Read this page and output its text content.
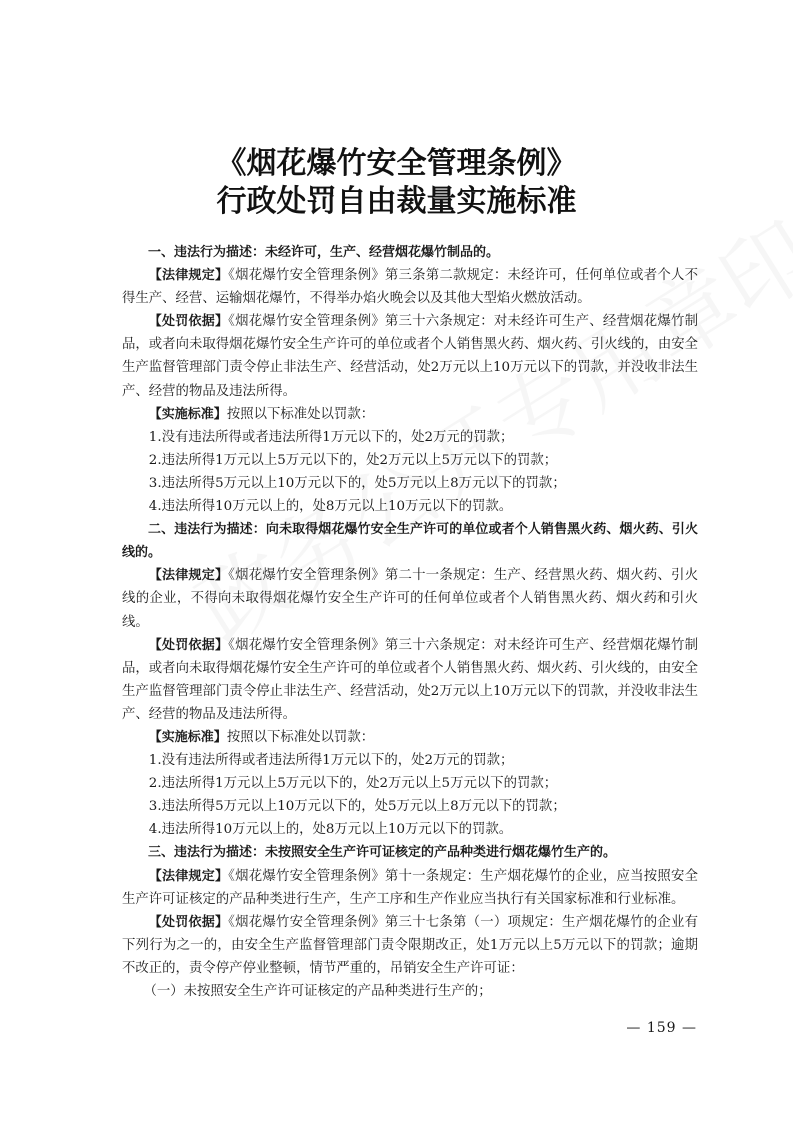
《烟花爆竹安全管理条例》
行政处罚自由裁量实施标准

一、违法行为描述：未经许可，生产、经营烟花爆竹制品的。

【法律规定】《烟花爆竹安全管理条例》第三条第二款规定：未经许可，任何单位或者个人不得生产、经营、运输烟花爆竹，不得举办焰火晚会以及其他大型焰火燃放活动。

【处罚依据】《烟花爆竹安全管理条例》第三十六条规定：对未经许可生产、经营烟花爆竹制品，或者向未取得烟花爆竹安全生产许可的单位或者个人销售黑火药、烟火药、引火线的，由安全生产监督管理部门责令停止非法生产、经营活动，处2万元以上10万元以下的罚款，并没收非法生产、经营的物品及违法所得。

【实施标准】按照以下标准处以罚款：

1.没有违法所得或者违法所得1万元以下的，处2万元的罚款；

2.违法所得1万元以上5万元以下的，处2万元以上5万元以下的罚款；

3.违法所得5万元以上10万元以下的，处5万元以上8万元以下的罚款；

4.违法所得10万元以上的，处8万元以上10万元以下的罚款。

二、违法行为描述：向未取得烟花爆竹安全生产许可的单位或者个人销售黑火药、烟火药、引火线的。

【法律规定】《烟花爆竹安全管理条例》第二十一条规定：生产、经营黑火药、烟火药、引火线的企业，不得向未取得烟花爆竹安全生产许可的任何单位或者个人销售黑火药、烟火药和引火线。

【处罚依据】《烟花爆竹安全管理条例》第三十六条规定：对未经许可生产、经营烟花爆竹制品，或者向未取得烟花爆竹安全生产许可的单位或者个人销售黑火药、烟火药、引火线的，由安全生产监督管理部门责令停止非法生产、经营活动，处2万元以上10万元以下的罚款，并没收非法生产、经营的物品及违法所得。

【实施标准】按照以下标准处以罚款：

1.没有违法所得或者违法所得1万元以下的，处2万元的罚款；

2.违法所得1万元以上5万元以下的，处2万元以上5万元以下的罚款；

3.违法所得5万元以上10万元以下的，处5万元以上8万元以下的罚款；

4.违法所得10万元以上的，处8万元以上10万元以下的罚款。

三、违法行为描述：未按照安全生产许可证核定的产品种类进行烟花爆竹生产的。

【法律规定】《烟花爆竹安全管理条例》第十一条规定：生产烟花爆竹的企业，应当按照安全生产许可证核定的产品种类进行生产，生产工序和生产作业应当执行有关国家标准和行业标准。

【处罚依据】《烟花爆竹安全管理条例》第三十七条第（一）项规定：生产烟花爆竹的企业有下列行为之一的，由安全生产监督管理部门责令限期改正，处1万元以上5万元以下的罚款；逾期不改正的，责令停产停业整顿，情节严重的，吊销安全生产许可证：

（一）未按照安全生产许可证核定的产品种类进行生产的；

— 159 —
